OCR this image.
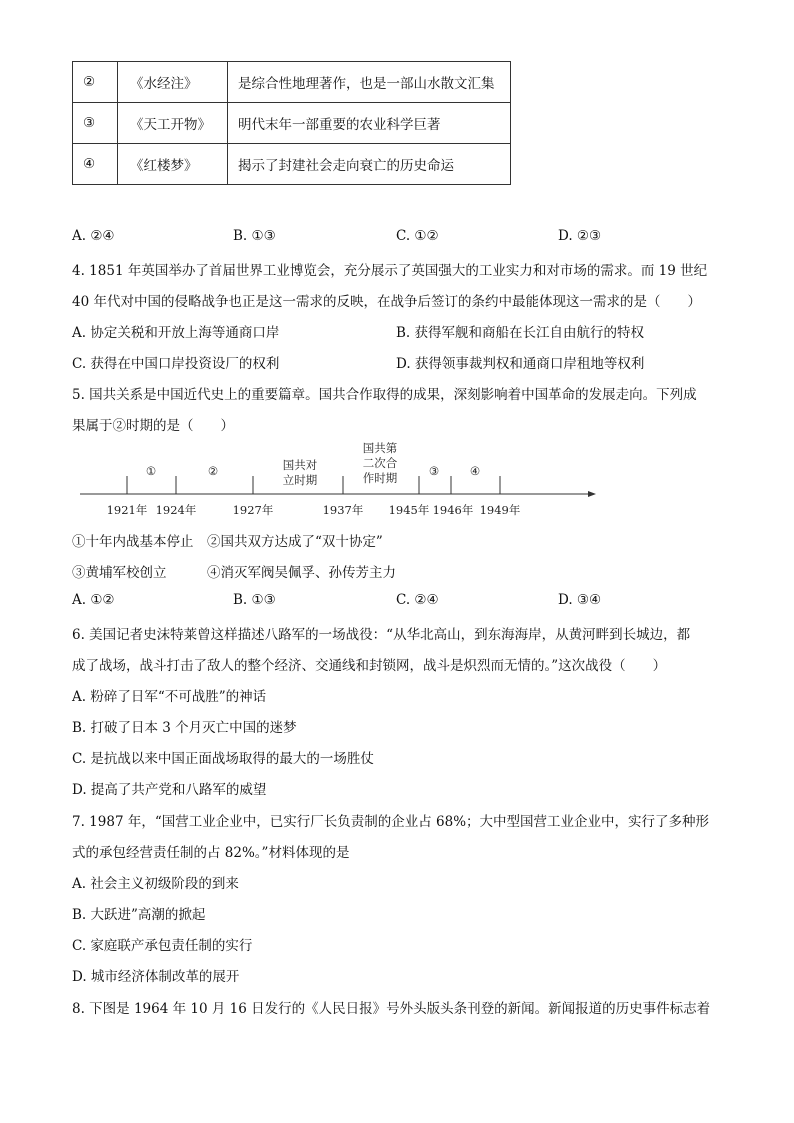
②	《水经注》	是综合性地理著作，也是一部山水散文汇集
③	《天工开物》	明代末年一部重要的农业科学巨著
④	《红楼梦》	揭示了封建社会走向衰亡的历史命运
A. ②④	B. ①③	C. ①②	D. ②③
4. 1851 年英国举办了首届世界工业博览会，充分展示了英国强大的工业实力和对市场的需求。而 19 世纪
40 年代对中国的侵略战争也正是这一需求的反映，在战争后签订的条约中最能体现这一需求的是（　　）
A. 协定关税和开放上海等通商口岸	B. 获得军舰和商船在长江自由航行的特权
C. 获得在中国口岸投资设厂的权利	D. 获得领事裁判权和通商口岸租地等权利
5. 国共关系是中国近代史上的重要篇章。国共合作取得的成果，深刻影响着中国革命的发展走向。下列成
果属于②时期的是（　　）
①	②	国共对
立时期
国共第
二次合
作时期	③	④
1921年 1924年	1927年	1937年 1945年 1946年 1949年
①十年内战基本停止　②国共双方达成了“双十协定”
③黄埔军校创立　　　④消灭军阀吴佩孚、孙传芳主力
A. ①②	B. ①③	C. ②④	D. ③④
6. 美国记者史沫特莱曾这样描述八路军的一场战役：“从华北高山，到东海海岸，从黄河畔到长城边，都
成了战场，战斗打击了敌人的整个经济、交通线和封锁网，战斗是炽烈而无情的。”这次战役（　　）
A. 粉碎了日军“不可战胜”的神话
B. 打破了日本 3 个月灭亡中国的迷梦
C. 是抗战以来中国正面战场取得的最大的一场胜仗
D. 提高了共产党和八路军的威望
7. 1987 年，“国营工业企业中，已实行厂长负责制的企业占 68%；大中型国营工业企业中，实行了多种形
式的承包经营责任制的占 82%。”材料体现的是
A. 社会主义初级阶段的到来
B. 大跃进”高潮的掀起
C. 家庭联产承包责任制的实行
D. 城市经济体制改革的展开
8. 下图是 1964 年 10 月 16 日发行的《人民日报》号外头版头条刊登的新闻。新闻报道的历史事件标志着
